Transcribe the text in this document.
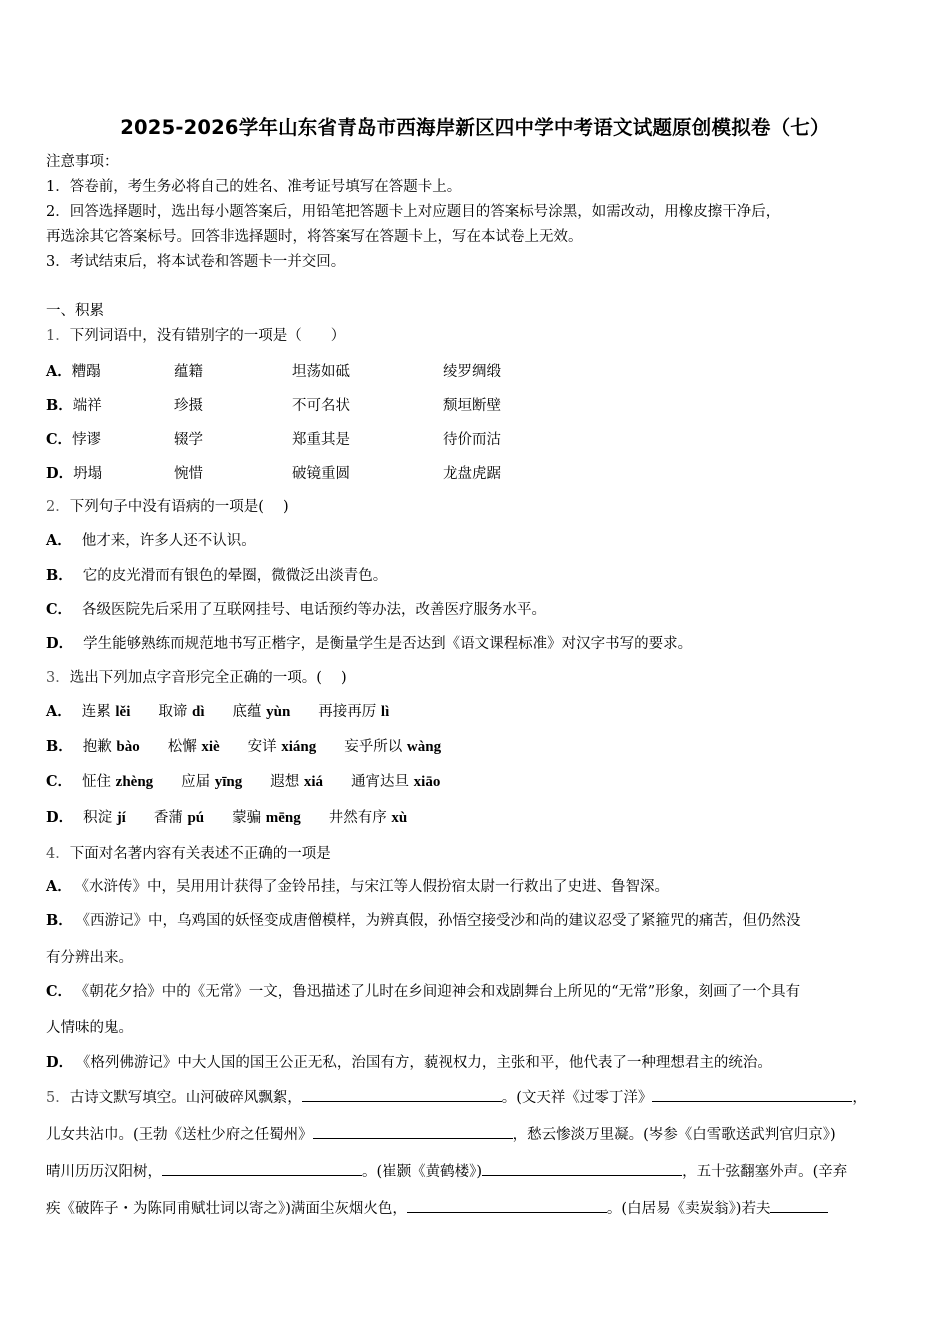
2025-2026学年山东省青岛市西海岸新区四中学中考语文试题原创模拟卷（七）
注意事项：
1．答卷前，考生务必将自己的姓名、准考证号填写在答题卡上。
2．回答选择题时，选出每小题答案后，用铅笔把答题卡上对应题目的答案标号涂黑，如需改动，用橡皮擦干净后，
再选涂其它答案标号。回答非选择题时，将答案写在答题卡上，写在本试卷上无效。
3．考试结束后，将本试卷和答题卡一并交回。
一、积累
1．下列词语中，没有错别字的一项是（　　）
A．糟蹋	蕴籍	坦荡如砥	绫罗绸缎
B．端祥	珍摄	不可名状	颓垣断壁
C．悖谬	辍学	郑重其是	待价而沽
D．坍塌	惋惜	破镜重圆	龙盘虎踞
2．下列句子中没有语病的一项是(　 )
A． 他才来，许多人还不认识。
B． 它的皮光滑而有银色的晕圈，微微泛出淡青色。
C． 各级医院先后采用了互联网挂号、电话预约等办法，改善医疗服务水平。
D． 学生能够熟练而规范地书写正楷字，是衡量学生是否达到《语文课程标准》对汉字书写的要求。
3．选出下列加点字音形完全正确的一项。(　 )
A． 连累 lěi 取谛 dì 底蕴 yùn 再接再厉 lì
B． 抱歉 bào 松懈 xiè 安详 xiáng 妄乎所以 wàng
C． 怔住 zhèng 应届 yīng 遐想 xiá 通宵达旦 xiāo
D． 积淀 jí 香蒲 pú 蒙骗 mēng 井然有序 xù
4．下面对名著内容有关表述不正确的一项是
A． 《水浒传》中，吴用用计获得了金铃吊挂，与宋江等人假扮宿太尉一行救出了史进、鲁智深。
B． 《西游记》中，乌鸡国的妖怪变成唐僧模样，为辨真假，孙悟空接受沙和尚的建议忍受了紧箍咒的痛苦，但仍然没
有分辨出来。
C． 《朝花夕拾》中的《无常》一文，鲁迅描述了儿时在乡间迎神会和戏剧舞台上所见的“无常”形象，刻画了一个具有
人情味的鬼。
D． 《格列佛游记》中大人国的国王公正无私，治国有方，藐视权力，主张和平，他代表了一种理想君主的统治。
5．古诗文默写填空。山河破碎风飘絮，	。(文天祥《过零丁洋》	，
儿女共沾巾。(王勃《送杜少府之任蜀州》	，愁云惨淡万里凝。(岑参《白雪歌送武判官归京》)
晴川历历汉阳树，	。(崔颢《黄鹤楼》)	，五十弦翻塞外声。(辛弃
疾《破阵子・为陈同甫赋壮词以寄之》)满面尘灰烟火色，	。(白居易《卖炭翁》)若夫
